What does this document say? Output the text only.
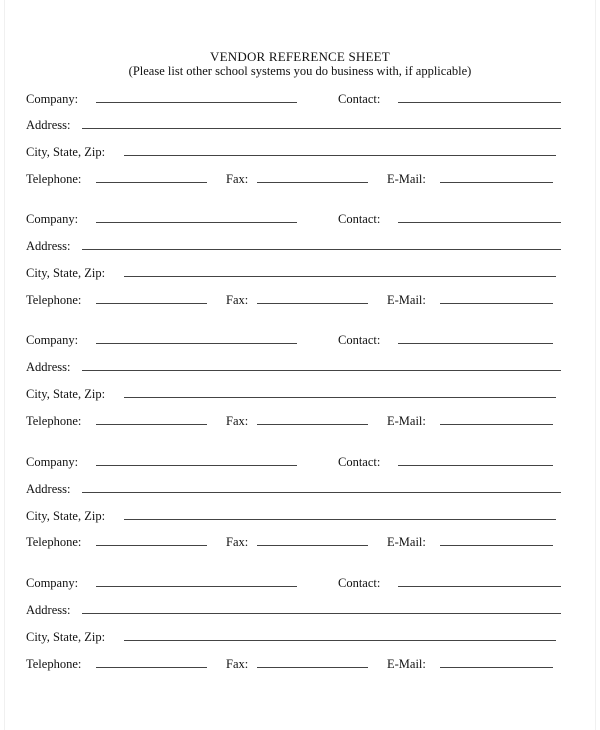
VENDOR REFERENCE SHEET
(Please list other school systems you do business with, if applicable)
Company:	Contact:
Address:
City, State, Zip:
Telephone:	Fax:	E-Mail:
Company:	Contact:
Address:
City, State, Zip:
Telephone:	Fax:	E-Mail:
Company:	Contact:
Address:
City, State, Zip:
Telephone:	Fax:	E-Mail:
Company:	Contact:
Address:
City, State, Zip:
Telephone:	Fax:	E-Mail:
Company:	Contact:
Address:
City, State, Zip:
Telephone:	Fax:	E-Mail:
